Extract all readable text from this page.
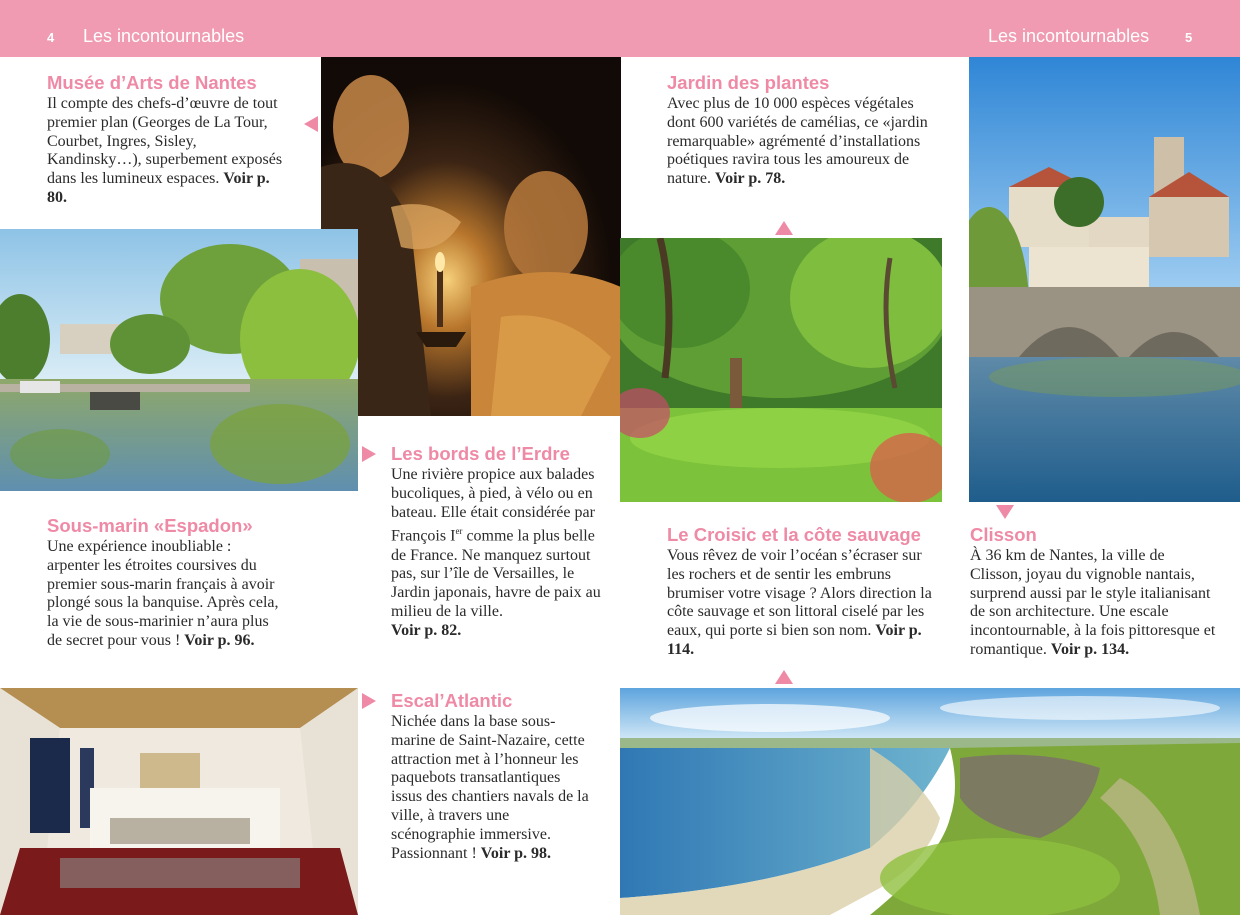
4 Les incontournables	Les incontournables	5
Musée d’Arts de Nantes

Il compte des chefs-d’œuvre de tout premier plan (Georges de La Tour, Courbet, Ingres, Sisley, Kandinsky…), superbement exposés dans les lumineux espaces. Voir p. 80.

Sous-marin «Espadon»

Une expérience inoubliable : arpenter les étroites coursives du premier sous-marin français à avoir plongé sous la banquise. Après cela, la vie de sous-marinier n’aura plus de secret pour vous ! Voir p. 96.

Les bords de l’Erdre

Une rivière propice aux balades bucoliques, à pied, à vélo ou en bateau. Elle était considérée par François Ier comme la plus belle de France. Ne manquez surtout pas, sur l’île de Versailles, le Jardin japonais, havre de paix au milieu de la ville.
Voir p. 82.

Escal’Atlantic

Nichée dans la base sous-marine de Saint-Nazaire, cette attraction met à l’honneur les paquebots transatlantiques issus des chantiers navals de la ville, à travers une scénographie immersive. Passionnant ! Voir p. 98.

Jardin des plantes

Avec plus de 10 000 espèces végétales dont 600 variétés de camélias, ce «jardin remarquable» agrémenté d’installations poétiques ravira tous les amoureux de nature. Voir p. 78.

Le Croisic et la côte sauvage

Vous rêvez de voir l’océan s’écraser sur les rochers et de sentir les embruns brumiser votre visage ? Alors direction la côte sauvage et son littoral ciselé par les eaux, qui porte si bien son nom. Voir p. 114.

Clisson

À 36 km de Nantes, la ville de Clisson, joyau du vignoble nantais, surprend aussi par le style italianisant de son architecture. Une escale incontournable, à la fois pittoresque et romantique. Voir p. 134.
